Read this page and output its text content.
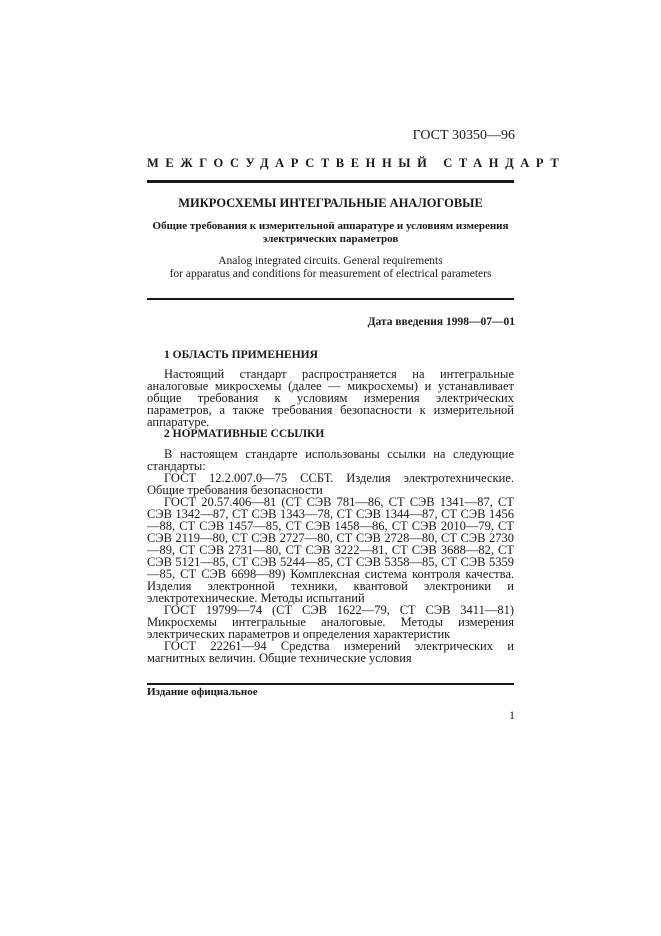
ГОСТ 30350—96
МЕЖГОСУДАРСТВЕННЫЙ СТАНДАРТ
МИКРОСХЕМЫ ИНТЕГРАЛЬНЫЕ АНАЛОГОВЫЕ
Общие требования к измерительной аппаратуре и условиям измерения
электрических параметров
Analog integrated circuits. General requirements
for apparatus and conditions for measurement of electrical parameters
Дата введения 1998—07—01
1 ОБЛАСТЬ ПРИМЕНЕНИЯ

Настоящий стандарт распространяется на интегральные аналоговые микросхемы (далее — микросхемы) и устанавливает общие требования к условиям измерения электрических параметров, а также требования безопасности к измерительной аппаратуре.

2 НОРМАТИВНЫЕ ССЫЛКИ

В настоящем стандарте использованы ссылки на следующие стандарты:

ГОСТ 12.2.007.0—75 ССБТ. Изделия электротехнические. Общие требования безопасности

ГОСТ 20.57.406—81 (СТ СЭВ 781—86, СТ СЭВ 1341—87, СТ СЭВ 1342—87, СТ СЭВ 1343—78, СТ СЭВ 1344—87, СТ СЭВ 1456—88, СТ СЭВ 1457—85, СТ СЭВ 1458—86, СТ СЭВ 2010—79, СТ СЭВ 2119—80, СТ СЭВ 2727—80, СТ СЭВ 2728—80, СТ СЭВ 2730—89, СТ СЭВ 2731—80, СТ СЭВ 3222—81, СТ СЭВ 3688—82, СТ СЭВ 5121—85, СТ СЭВ 5244—85, СТ СЭВ 5358—85, СТ СЭВ 5359—85, СТ СЭВ 6698—89) Комплексная система контроля качества. Изделия электронной техники, квантовой электроники и электротехнические. Методы испытаний

ГОСТ 19799—74 (СТ СЭВ 1622—79, СТ СЭВ 3411—81) Микросхемы интегральные аналоговые. Методы измерения электрических параметров и определения характеристик

ГОСТ 22261—94 Средства измерений электрических и магнитных величин. Общие технические условия

Издание официальное
1
